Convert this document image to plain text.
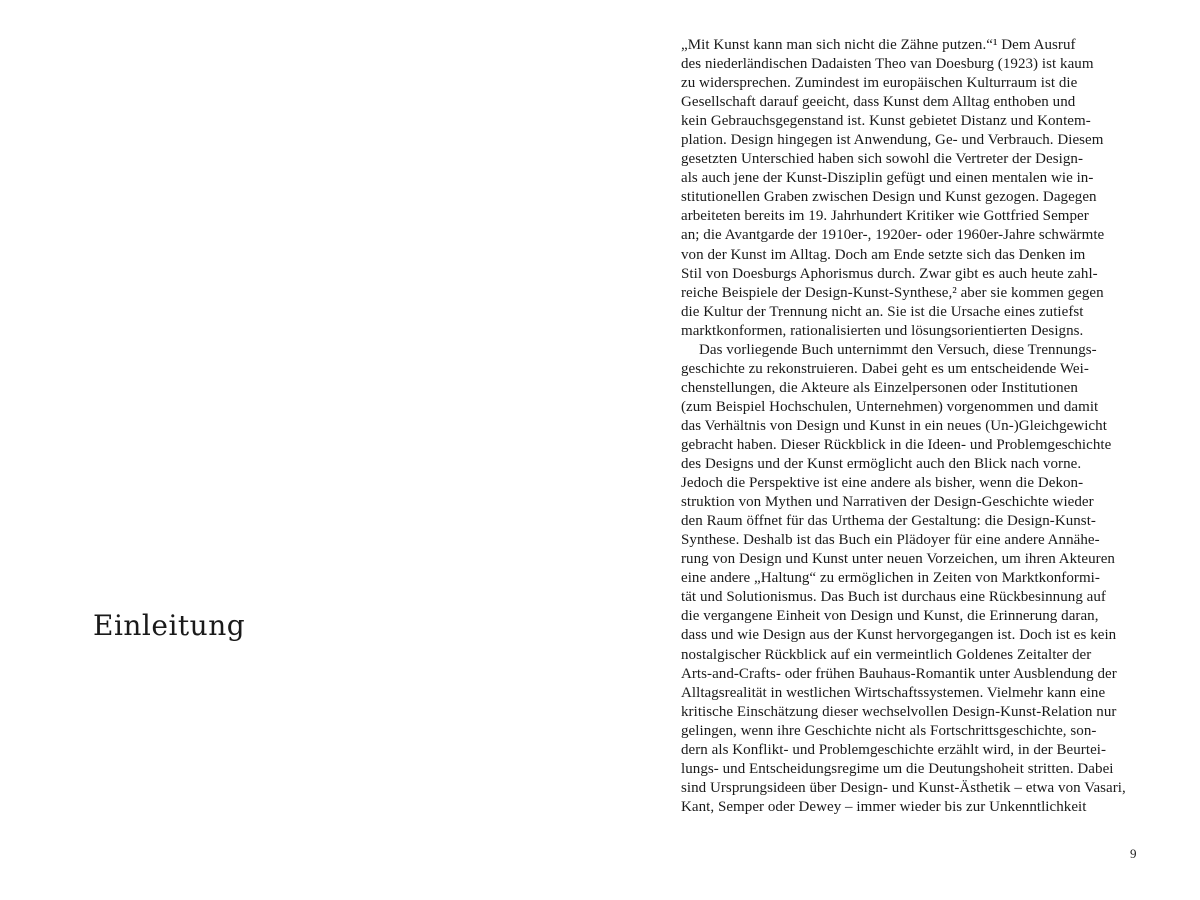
Einleitung
„Mit Kunst kann man sich nicht die Zähne putzen.“¹ Dem Ausruf
des niederländischen Dadaisten Theo van Doesburg (1923) ist kaum
zu widersprechen. Zumindest im europäischen Kulturraum ist die
Gesellschaft darauf geeicht, dass Kunst dem Alltag enthoben und
kein Gebrauchsgegenstand ist. Kunst gebietet Distanz und Kontem-
plation. Design hingegen ist Anwendung, Ge- und Verbrauch. Diesem
gesetzten Unterschied haben sich sowohl die Vertreter der Design-
als auch jene der Kunst-Disziplin gefügt und einen mentalen wie in-
stitutionellen Graben zwischen Design und Kunst gezogen. Dagegen
arbeiteten bereits im 19. Jahrhundert Kritiker wie Gottfried Semper
an; die Avantgarde der 1910er-, 1920er- oder 1960er-Jahre schwärmte
von der Kunst im Alltag. Doch am Ende setzte sich das Denken im
Stil von Doesburgs Aphorismus durch. Zwar gibt es auch heute zahl-
reiche Beispiele der Design-Kunst-Synthese,² aber sie kommen gegen
die Kultur der Trennung nicht an. Sie ist die Ursache eines zutiefst
marktkonformen, rationalisierten und lösungsorientierten Designs.
Das vorliegende Buch unternimmt den Versuch, diese Trennungs-
geschichte zu rekonstruieren. Dabei geht es um entscheidende Wei-
chenstellungen, die Akteure als Einzelpersonen oder Institutionen
(zum Beispiel Hochschulen, Unternehmen) vorgenommen und damit
das Verhältnis von Design und Kunst in ein neues (Un-)Gleichgewicht
gebracht haben. Dieser Rückblick in die Ideen- und Problemgeschichte
des Designs und der Kunst ermöglicht auch den Blick nach vorne.
Jedoch die Perspektive ist eine andere als bisher, wenn die Dekon-
struktion von Mythen und Narrativen der Design-Geschichte wieder
den Raum öffnet für das Urthema der Gestaltung: die Design-Kunst-
Synthese. Deshalb ist das Buch ein Plädoyer für eine andere Annähe-
rung von Design und Kunst unter neuen Vorzeichen, um ihren Akteuren
eine andere „Haltung“ zu ermöglichen in Zeiten von Marktkonformi-
tät und Solutionismus. Das Buch ist durchaus eine Rückbesinnung auf
die vergangene Einheit von Design und Kunst, die Erinnerung daran,
dass und wie Design aus der Kunst hervorgegangen ist. Doch ist es kein
nostalgischer Rückblick auf ein vermeintlich Goldenes Zeitalter der
Arts-and-Crafts- oder frühen Bauhaus-Romantik unter Ausblendung der
Alltagsrealität in westlichen Wirtschaftssystemen. Vielmehr kann eine
kritische Einschätzung dieser wechselvollen Design-Kunst-Relation nur
gelingen, wenn ihre Geschichte nicht als Fortschrittsgeschichte, son-
dern als Konflikt- und Problemgeschichte erzählt wird, in der Beurtei-
lungs- und Entscheidungsregime um die Deutungshoheit stritten. Dabei
sind Ursprungsideen über Design- und Kunst-Ästhetik – etwa von Vasari,
Kant, Semper oder Dewey – immer wieder bis zur Unkenntlichkeit
9
